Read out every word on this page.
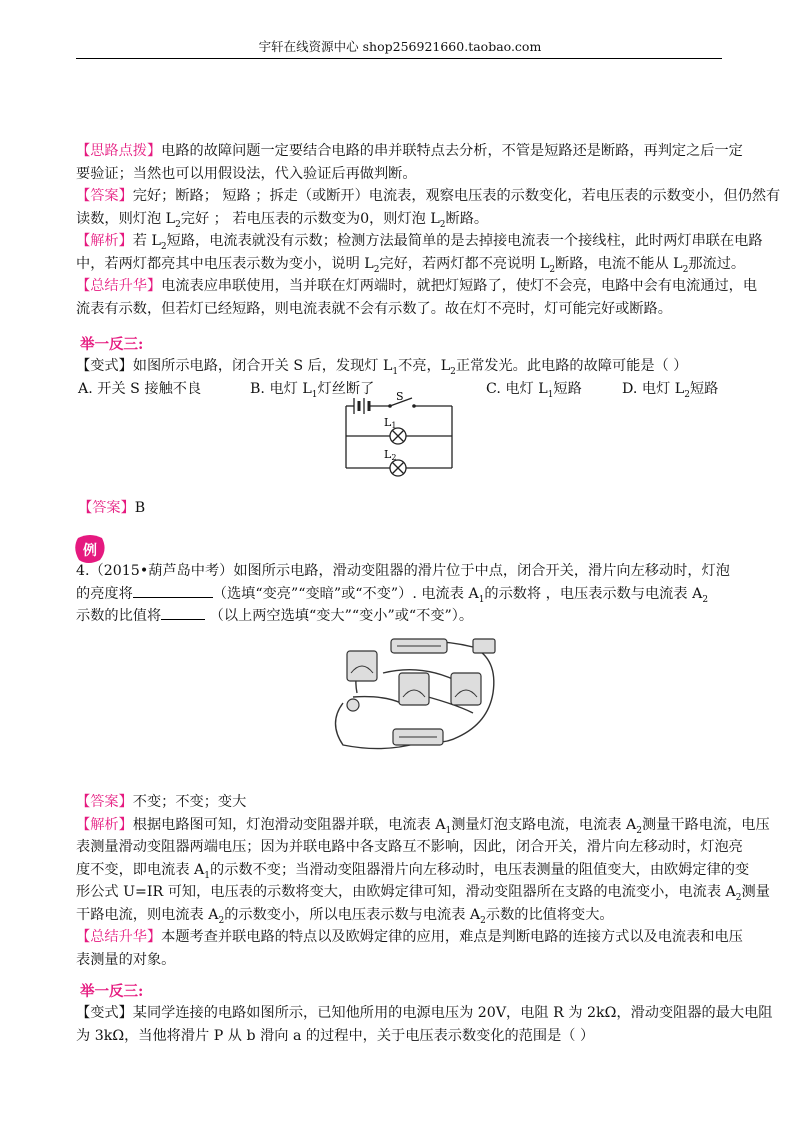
宇轩在线资源中心 shop256921660.taobao.com
【思路点拨】电路的故障问题一定要结合电路的串并联特点去分析，不管是短路还是断路，再判定之后一定
要验证；当然也可以用假设法，代入验证后再做判断。
【答案】完好；断路； 短路 ；拆走（或断开）电流表，观察电压表的示数变化，若电压表的示数变小，但仍然有
读数，则灯泡 $L_2$完好 ； 若电压表的示数变为0，则灯泡 $L_2$断路。
【解析】若 $L_2$短路，电流表就没有示数；检测方法最简单的是去掉接电流表一个接线柱，此时两灯串联在电路
中，若两灯都亮其中电压表示数为变小，说明 $L_2$完好，若两灯都不亮说明 $L_2$断路，电流不能从 $L_2$那流过。
【总结升华】电流表应串联使用，当并联在灯两端时，就把灯短路了，使灯不会亮，电路中会有电流通过，电
流表有示数，但若灯已经短路，则电流表就不会有示数了。故在灯不亮时，灯可能完好或断路。
举一反三:
【变式】如图所示电路，闭合开关 S 后，发现灯 $L_1$不亮，$L_2$正常发光。此电路的故障可能是（ ）
A. 开关 S 接触不良	B. 电灯 $L_1$灯丝断了	C. 电灯 $L_1$短路	D. 电灯 $L_2$短路
S
L1
L2
【答案】B
例
4.（2015•葫芦岛中考）如图所示电路，滑动变阻器的滑片位于中点，闭合开关，滑片向左移动时，灯泡
的亮度将	（选填“变亮”“变暗”或“不变”）. 电流表 $A_1$的示数将 ，电压表示数与电流表 $A_2$
示数的比值将	（以上两空选填“变大”“变小”或“不变”）。
【答案】不变；不变；变大
【解析】根据电路图可知，灯泡滑动变阻器并联，电流表 $A_1$测量灯泡支路电流，电流表 $A_2$测量干路电流，电压
表测量滑动变阻器两端电压；因为并联电路中各支路互不影响，因此，闭合开关，滑片向左移动时，灯泡亮
度不变，即电流表 $A_1$的示数不变；当滑动变阻器滑片向左移动时，电压表测量的阻值变大，由欧姆定律的变
形公式 U=IR 可知，电压表的示数将变大，由欧姆定律可知，滑动变阻器所在支路的电流变小，电流表 $A_2$测量
干路电流，则电流表 $A_2$的示数变小，所以电压表示数与电流表 $A_2$示数的比值将变大。
【总结升华】本题考查并联电路的特点以及欧姆定律的应用，难点是判断电路的连接方式以及电流表和电压
表测量的对象。
举一反三:
【变式】某同学连接的电路如图所示，已知他所用的电源电压为 20V，电阻 R 为 2kΩ，滑动变阻器的最大电阻
为 3kΩ，当他将滑片 P 从 b 滑向 a 的过程中，关于电压表示数变化的范围是（ ）
